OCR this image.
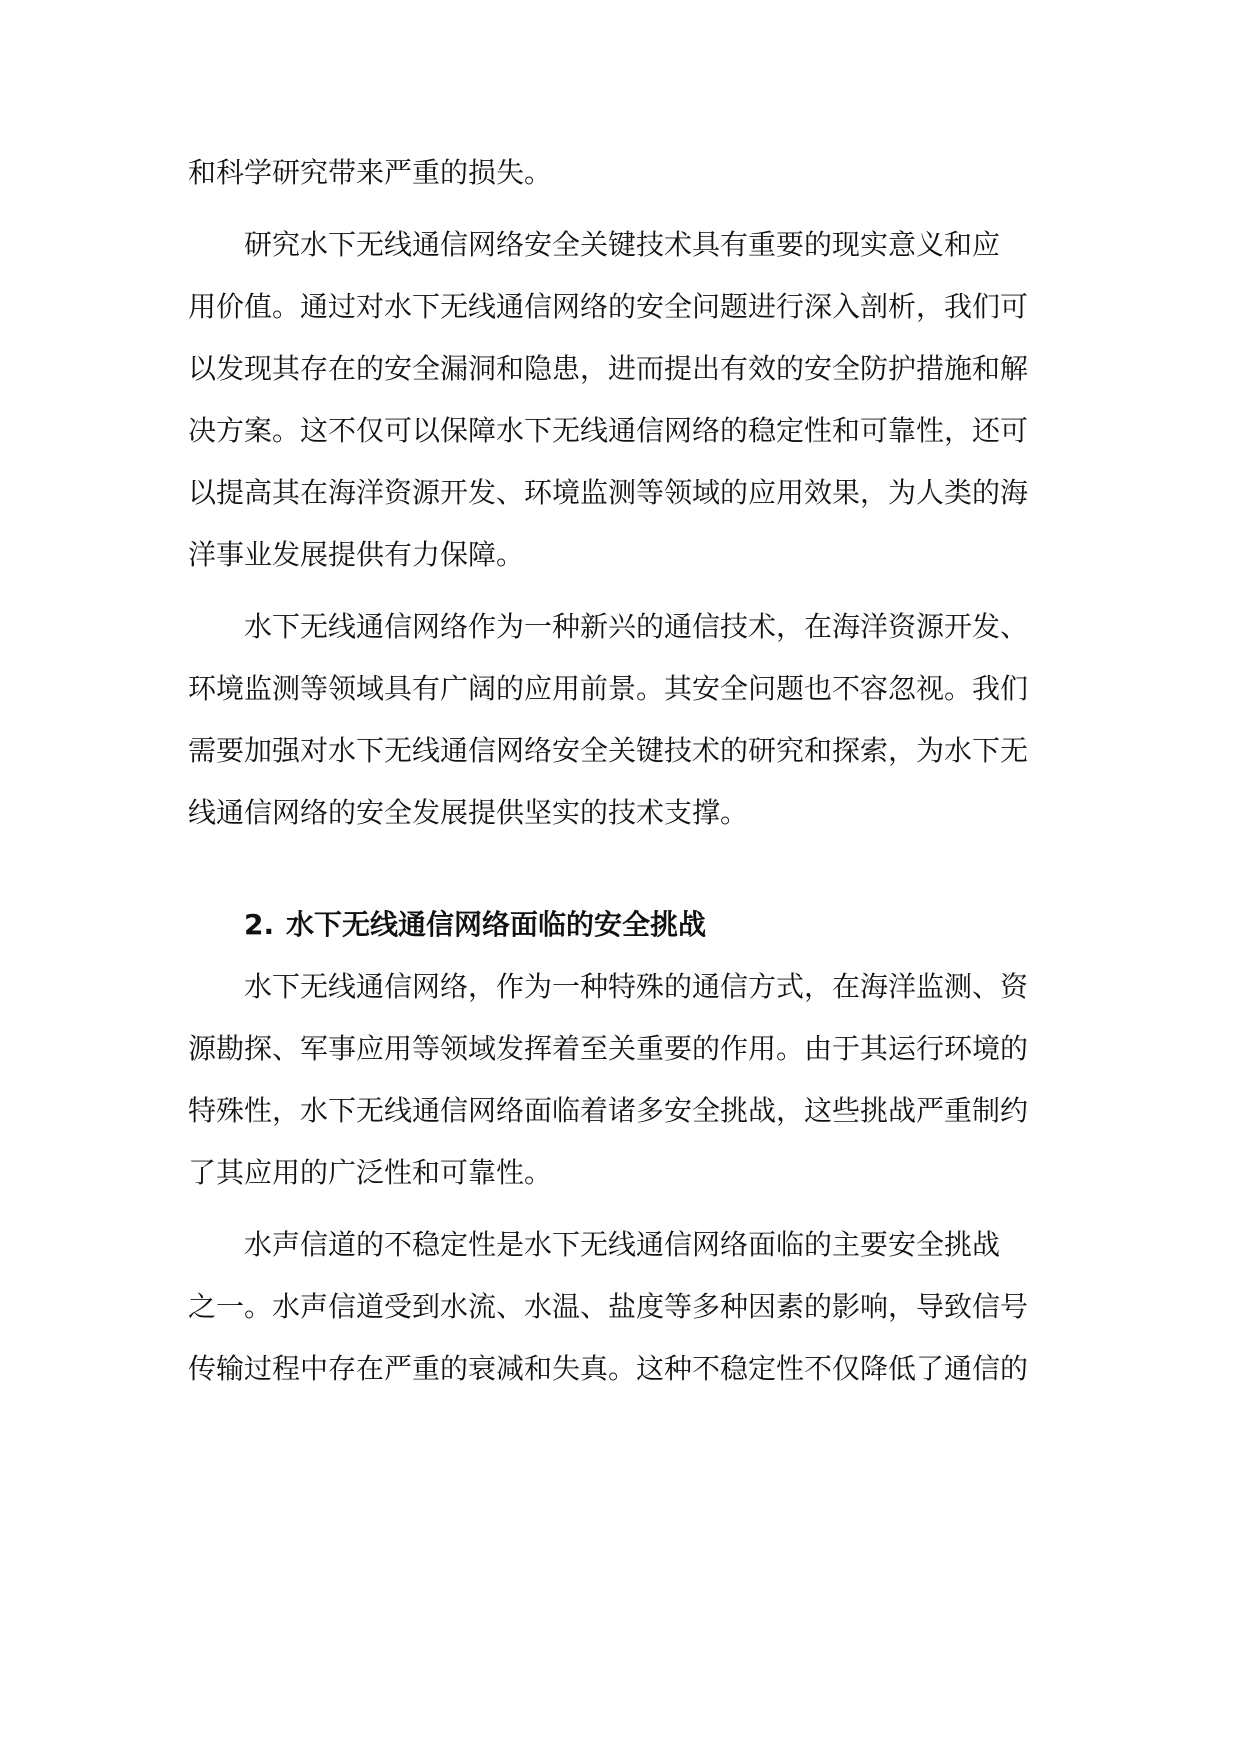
和科学研究带来严重的损失。
研究水下无线通信网络安全关键技术具有重要的现实意义和应
用价值。通过对水下无线通信网络的安全问题进行深入剖析，我们可
以发现其存在的安全漏洞和隐患，进而提出有效的安全防护措施和解
决方案。这不仅可以保障水下无线通信网络的稳定性和可靠性，还可
以提高其在海洋资源开发、环境监测等领域的应用效果，为人类的海
洋事业发展提供有力保障。
水下无线通信网络作为一种新兴的通信技术，在海洋资源开发、
环境监测等领域具有广阔的应用前景。其安全问题也不容忽视。我们
需要加强对水下无线通信网络安全关键技术的研究和探索，为水下无
线通信网络的安全发展提供坚实的技术支撑。
2. 水下无线通信网络面临的安全挑战
水下无线通信网络，作为一种特殊的通信方式，在海洋监测、资
源勘探、军事应用等领域发挥着至关重要的作用。由于其运行环境的
特殊性，水下无线通信网络面临着诸多安全挑战，这些挑战严重制约
了其应用的广泛性和可靠性。
水声信道的不稳定性是水下无线通信网络面临的主要安全挑战
之一。水声信道受到水流、水温、盐度等多种因素的影响，导致信号
传输过程中存在严重的衰减和失真。这种不稳定性不仅降低了通信的
